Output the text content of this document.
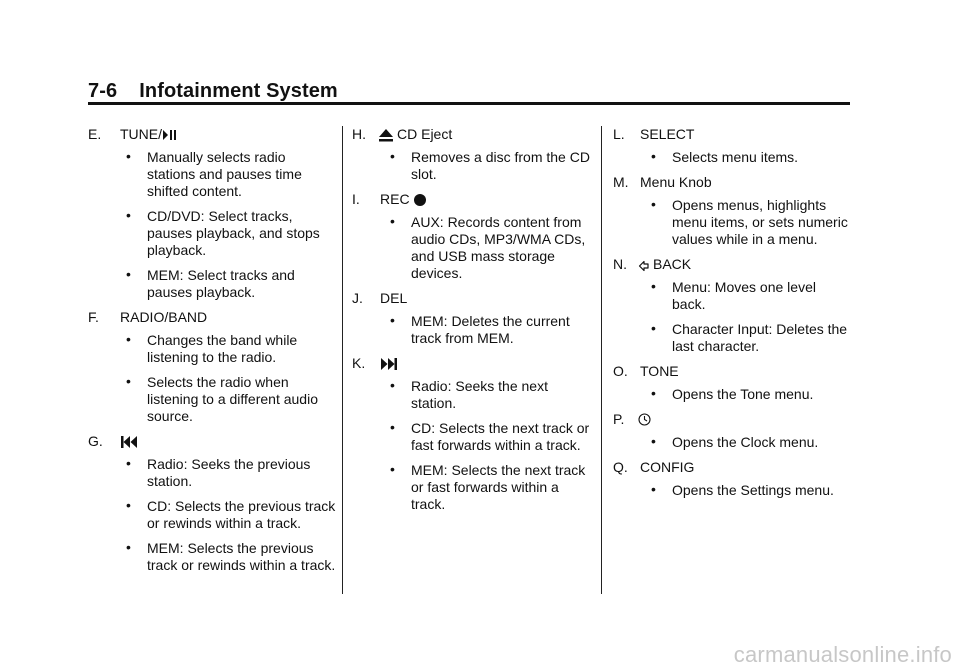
7-6 Infotainment System
E.	TUNE/
• Manually selects radio stations and pauses time shifted content.
• CD/DVD: Select tracks, pauses playback, and stops playback.
• MEM: Select tracks and pauses playback.
F.	RADIO/BAND
• Changes the band while listening to the radio.
• Selects the radio when listening to a different audio source.
G.
• Radio: Seeks the previous station.
• CD: Selects the previous track or rewinds within a track.
• MEM: Selects the previous track or rewinds within a track.
H.	CD Eject
• Removes a disc from the CD slot.
I.	REC
• AUX: Records content from audio CDs, MP3/WMA CDs, and USB mass storage devices.
J.	DEL
• MEM: Deletes the current track from MEM.
K.
• Radio: Seeks the next station.
• CD: Selects the next track or fast forwards within a track.
• MEM: Selects the next track or fast forwards within a track.
L.	SELECT
• Selects menu items.
M. Menu Knob
• Opens menus, highlights menu items, or sets numeric values while in a menu.
N.	BACK
• Menu: Moves one level back.
• Character Input: Deletes the last character.
O. TONE
• Opens the Tone menu.
P.
• Opens the Clock menu.
Q. CONFIG
• Opens the Settings menu.
carmanualsonline.info
